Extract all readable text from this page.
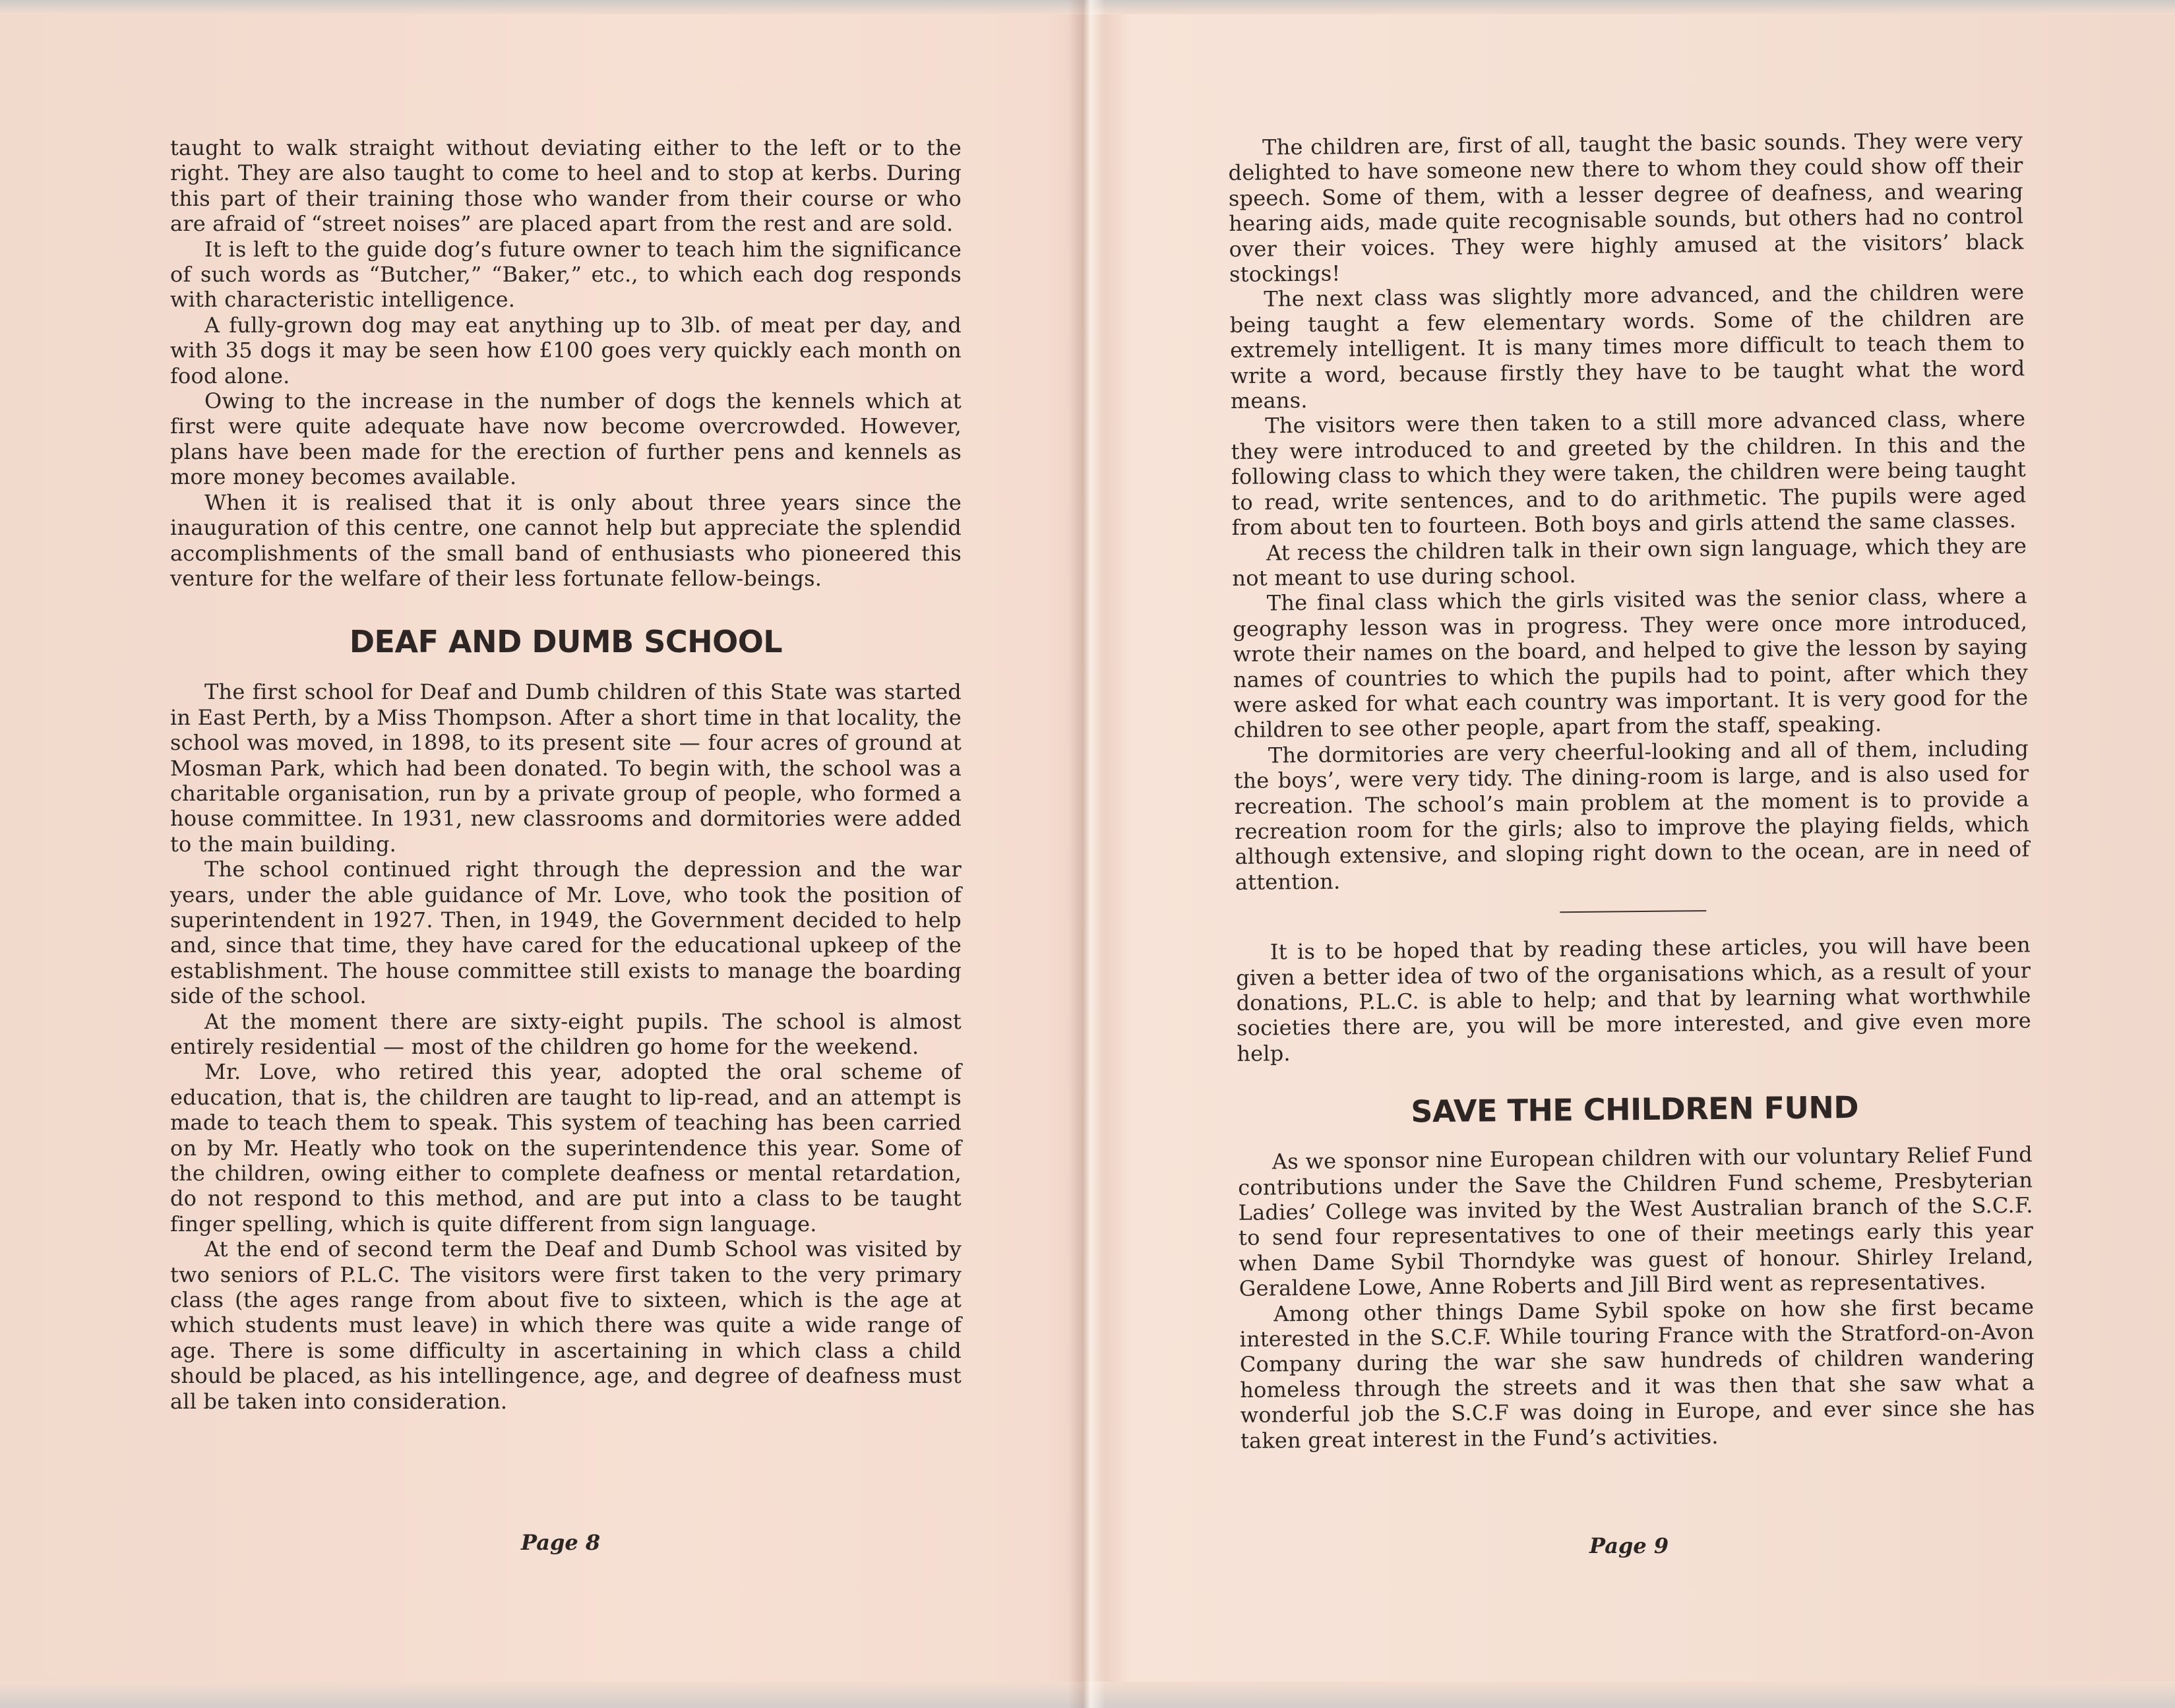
taught to walk straight without deviating either to the left or to the right. They are also taught to come to heel and to stop at kerbs. During this part of their training those who wander from their course or who are afraid of “street noises” are placed apart from the rest and are sold.

It is left to the guide dog’s future owner to teach him the significance of such words as “Butcher,” “Baker,” etc., to which each dog responds with characteristic intelligence.

A fully-grown dog may eat anything up to 3lb. of meat per day, and with 35 dogs it may be seen how £100 goes very quickly each month on food alone.

Owing to the increase in the number of dogs the kennels which at first were quite adequate have now become overcrowded. However, plans have been made for the erection of further pens and kennels as more money becomes available.

When it is realised that it is only about three years since the inauguration of this centre, one cannot help but appreciate the splendid accomplishments of the small band of enthusiasts who pioneered this venture for the welfare of their less fortunate fellow-beings.

DEAF AND DUMB SCHOOL

The first school for Deaf and Dumb children of this State was started in East Perth, by a Miss Thompson. After a short time in that locality, the school was moved, in 1898, to its present site — four acres of ground at Mosman Park, which had been donated. To begin with, the school was a charitable organisation, run by a private group of people, who formed a house committee. In 1931, new classrooms and dormitories were added to the main building.

The school continued right through the depression and the war years, under the able guidance of Mr. Love, who took the position of superintendent in 1927. Then, in 1949, the Government decided to help and, since that time, they have cared for the educational upkeep of the establishment. The house committee still exists to manage the boarding side of the school.

At the moment there are sixty-eight pupils. The school is almost entirely residential — most of the children go home for the weekend.

Mr. Love, who retired this year, adopted the oral scheme of education, that is, the children are taught to lip-read, and an attempt is made to teach them to speak. This system of teaching has been carried on by Mr. Heatly who took on the superintendence this year. Some of the children, owing either to complete deafness or mental retardation, do not respond to this method, and are put into a class to be taught finger spelling, which is quite different from sign language.

At the end of second term the Deaf and Dumb School was visited by two seniors of P.L.C. The visitors were first taken to the very primary class (the ages range from about five to sixteen, which is the age at which students must leave) in which there was quite a wide range of age. There is some difficulty in ascertaining in which class a child should be placed, as his intellingence, age, and degree of deafness must all be taken into consideration.

Page 8

The children are, first of all, taught the basic sounds. They were very delighted to have someone new there to whom they could show off their speech. Some of them, with a lesser degree of deafness, and wearing hearing aids, made quite recognisable sounds, but others had no control over their voices. They were highly amused at the visitors’ black stockings!

The next class was slightly more advanced, and the children were being taught a few elementary words. Some of the children are extremely intelligent. It is many times more difficult to teach them to write a word, because firstly they have to be taught what the word means.

The visitors were then taken to a still more advanced class, where they were introduced to and greeted by the children. In this and the following class to which they were taken, the children were being taught to read, write sentences, and to do arithmetic. The pupils were aged from about ten to fourteen. Both boys and girls attend the same classes.

At recess the children talk in their own sign language, which they are not meant to use during school.

The final class which the girls visited was the senior class, where a geography lesson was in progress. They were once more introduced, wrote their names on the board, and helped to give the lesson by saying names of countries to which the pupils had to point, after which they were asked for what each country was important. It is very good for the children to see other people, apart from the staff, speaking.

The dormitories are very cheerful-looking and all of them, including the boys’, were very tidy. The dining-room is large, and is also used for recreation. The school’s main problem at the moment is to provide a recreation room for the girls; also to improve the playing fields, which although extensive, and sloping right down to the ocean, are in need of attention.

It is to be hoped that by reading these articles, you will have been given a better idea of two of the organisations which, as a result of your donations, P.L.C. is able to help; and that by learning what worthwhile societies there are, you will be more interested, and give even more help.

SAVE THE CHILDREN FUND

As we sponsor nine European children with our voluntary Relief Fund contributions under the Save the Children Fund scheme, Presbyterian Ladies’ College was invited by the West Australian branch of the S.C.F. to send four representatives to one of their meetings early this year when Dame Sybil Thorndyke was guest of honour. Shirley Ireland, Geraldene Lowe, Anne Roberts and Jill Bird went as representatives.

Among other things Dame Sybil spoke on how she first became interested in the S.C.F. While touring France with the Stratford-on-Avon Company during the war she saw hundreds of children wandering homeless through the streets and it was then that she saw what a wonderful job the S.C.F was doing in Europe, and ever since she has taken great interest in the Fund’s activities.

Page 9
